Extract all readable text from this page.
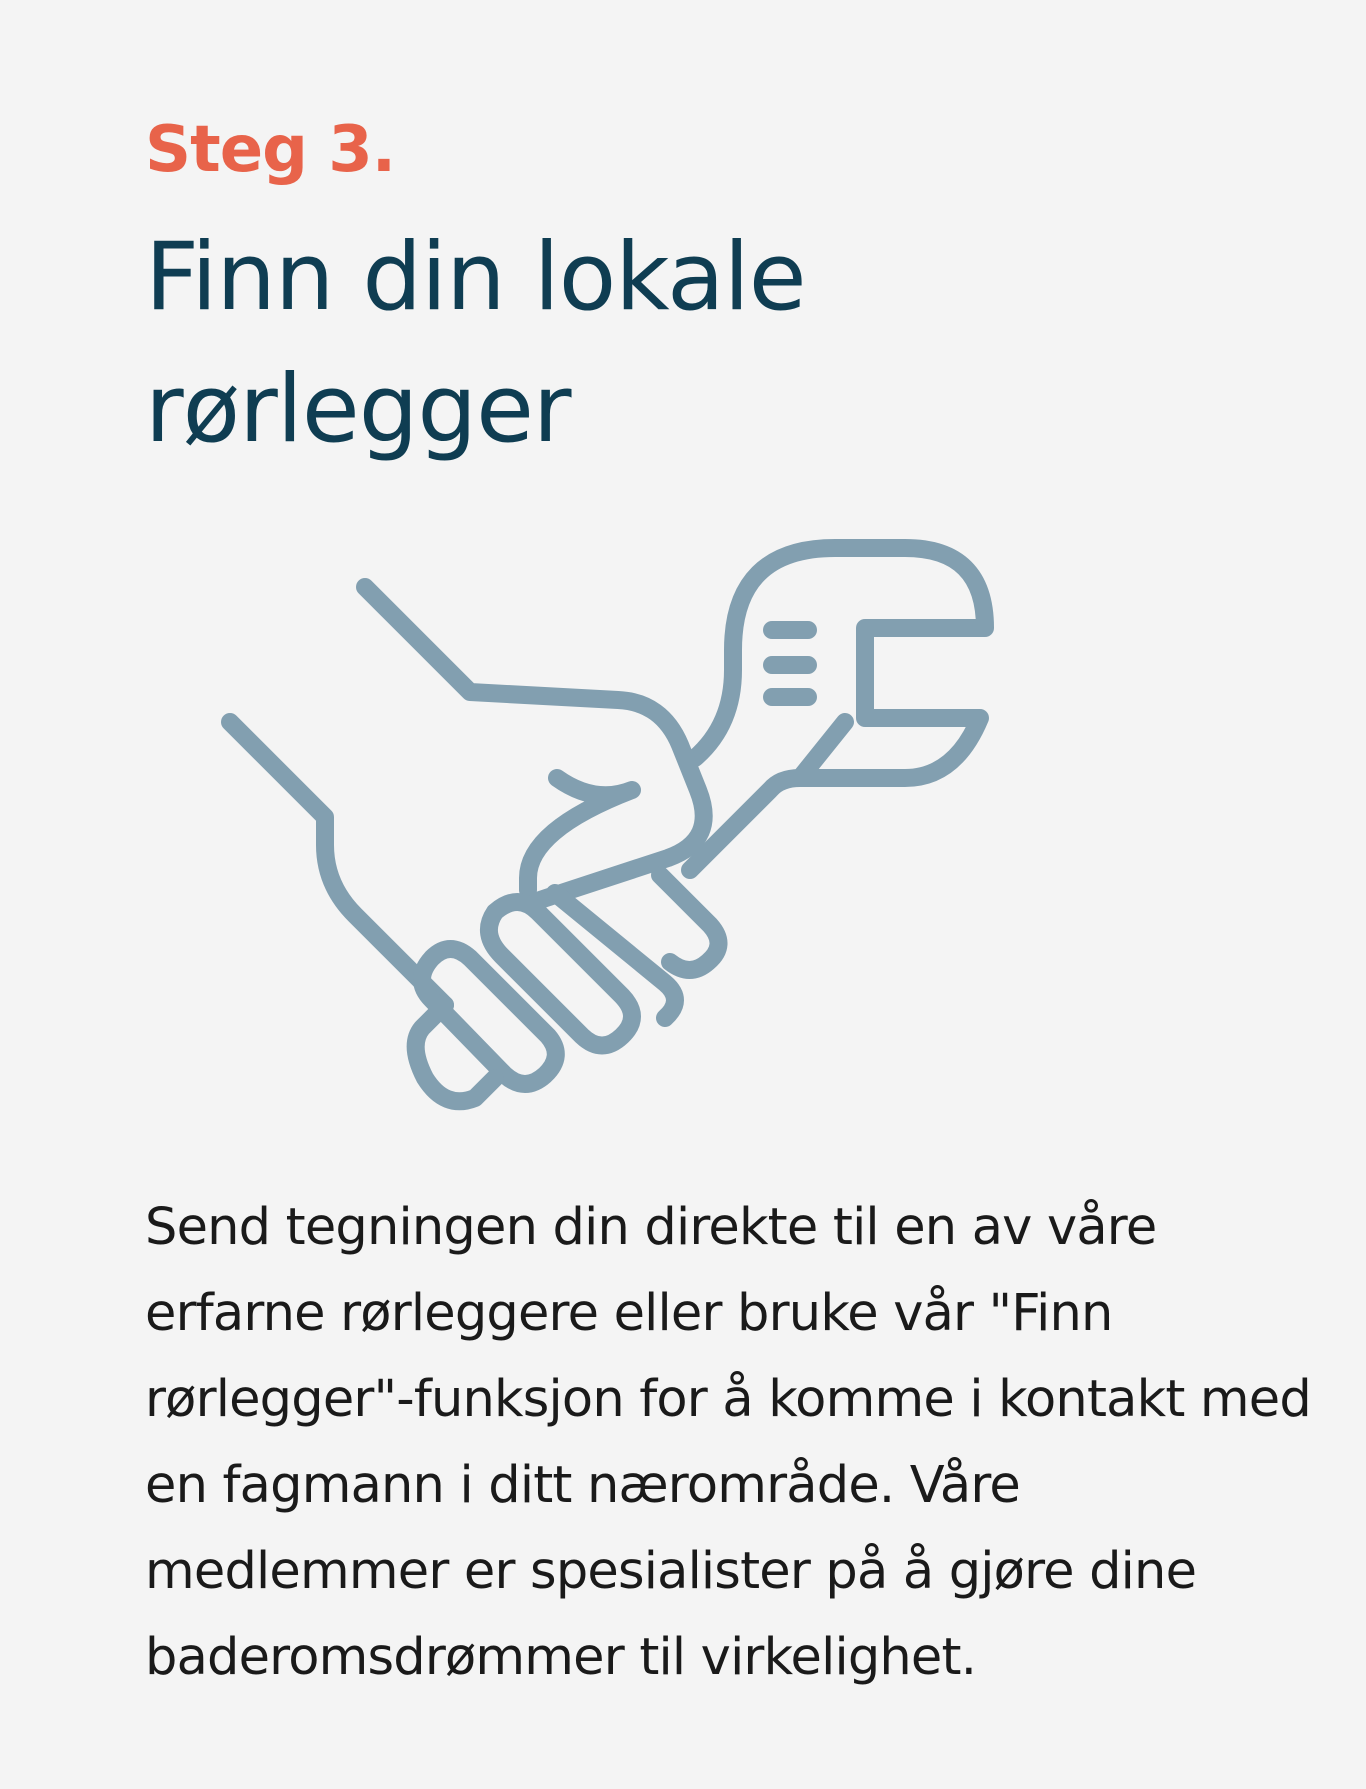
Steg 3.
Finn din lokale
rørlegger

Send tegningen din direkte til en av våre erfarne rørleggere eller bruke vår "Finn rørlegger"-funksjon for å komme i kontakt med en fagmann i ditt nærområde. Våre medlemmer er spesialister på å gjøre dine baderomsdrømmer til virkelighet.
